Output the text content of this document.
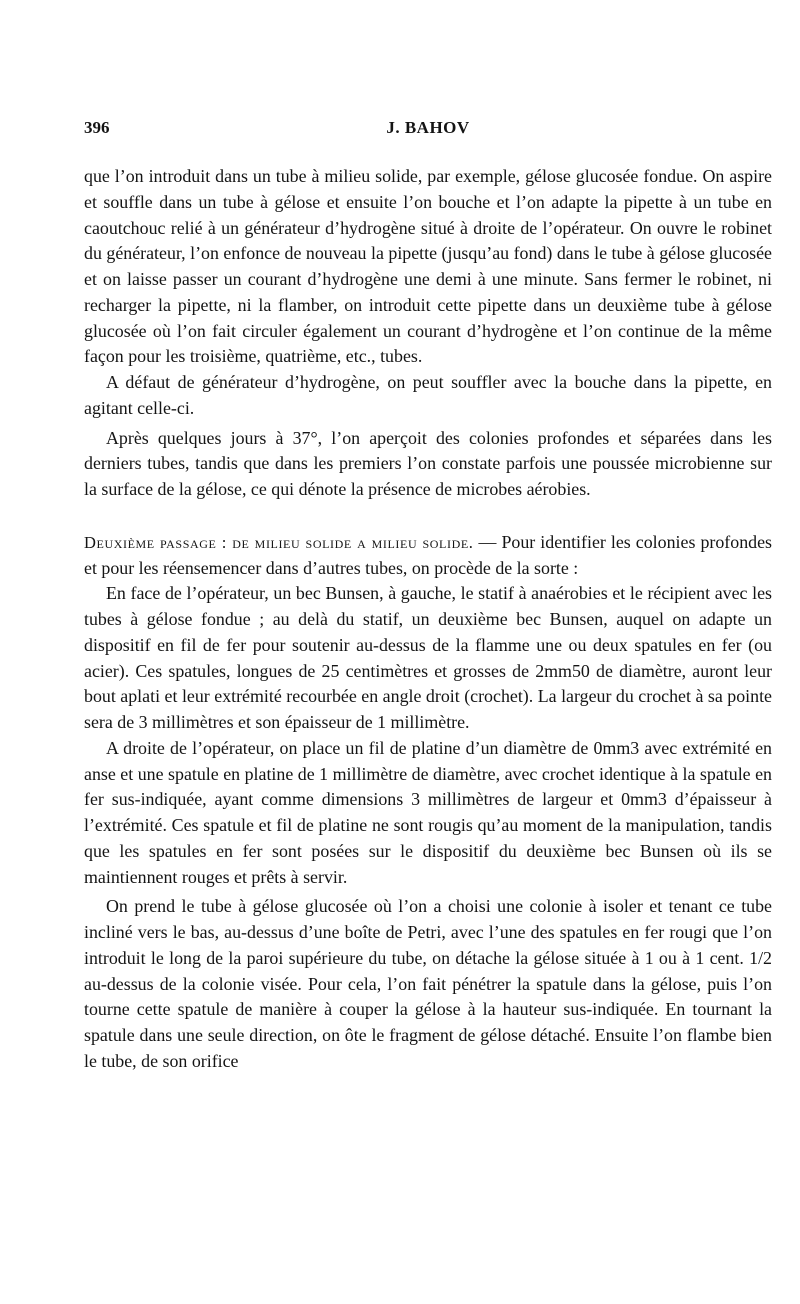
396	J. BAHOV

que l’on introduit dans un tube à milieu solide, par exemple, gélose glucosée fondue. On aspire et souffle dans un tube à gélose et ensuite l’on bouche et l’on adapte la pipette à un tube en caoutchouc relié à un générateur d’hydrogène situé à droite de l’opérateur. On ouvre le robinet du générateur, l’on enfonce de nouveau la pipette (jusqu’au fond) dans le tube à gélose glucosée et on laisse passer un courant d’hydrogène une demi à une minute. Sans fermer le robinet, ni recharger la pipette, ni la flamber, on introduit cette pipette dans un deuxième tube à gélose glucosée où l’on fait circuler également un courant d’hydrogène et l’on continue de la même façon pour les troisième, quatrième, etc., tubes.

A défaut de générateur d’hydrogène, on peut souffler avec la bouche dans la pipette, en agitant celle-ci.

Après quelques jours à 37°, l’on aperçoit des colonies profondes et séparées dans les derniers tubes, tandis que dans les premiers l’on constate parfois une poussée microbienne sur la surface de la gélose, ce qui dénote la présence de microbes aérobies.

Deuxième passage : de milieu solide a milieu solide. — Pour identifier les colonies profondes et pour les réensemencer dans d’autres tubes, on procède de la sorte :

En face de l’opérateur, un bec Bunsen, à gauche, le statif à anaérobies et le récipient avec les tubes à gélose fondue ; au delà du statif, un deuxième bec Bunsen, auquel on adapte un dispositif en fil de fer pour soutenir au-dessus de la flamme une ou deux spatules en fer (ou acier). Ces spatules, longues de 25 centimètres et grosses de 2mm50 de diamètre, auront leur bout aplati et leur extrémité recourbée en angle droit (crochet). La largeur du crochet à sa pointe sera de 3 millimètres et son épaisseur de 1 millimètre.

A droite de l’opérateur, on place un fil de platine d’un diamètre de 0mm3 avec extrémité en anse et une spatule en platine de 1 millimètre de diamètre, avec crochet identique à la spatule en fer sus-indiquée, ayant comme dimensions 3 millimètres de largeur et 0mm3 d’épaisseur à l’extrémité. Ces spatule et fil de platine ne sont rougis qu’au moment de la manipulation, tandis que les spatules en fer sont posées sur le dispositif du deuxième bec Bunsen où ils se maintiennent rouges et prêts à servir.

On prend le tube à gélose glucosée où l’on a choisi une colonie à isoler et tenant ce tube incliné vers le bas, au-dessus d’une boîte de Petri, avec l’une des spatules en fer rougi que l’on introduit le long de la paroi supérieure du tube, on détache la gélose située à 1 ou à 1 cent. 1/2 au-dessus de la colonie visée. Pour cela, l’on fait pénétrer la spatule dans la gélose, puis l’on tourne cette spatule de manière à couper la gélose à la hauteur sus-indiquée. En tournant la spatule dans une seule direction, on ôte le fragment de gélose détaché. Ensuite l’on flambe bien le tube, de son orifice
